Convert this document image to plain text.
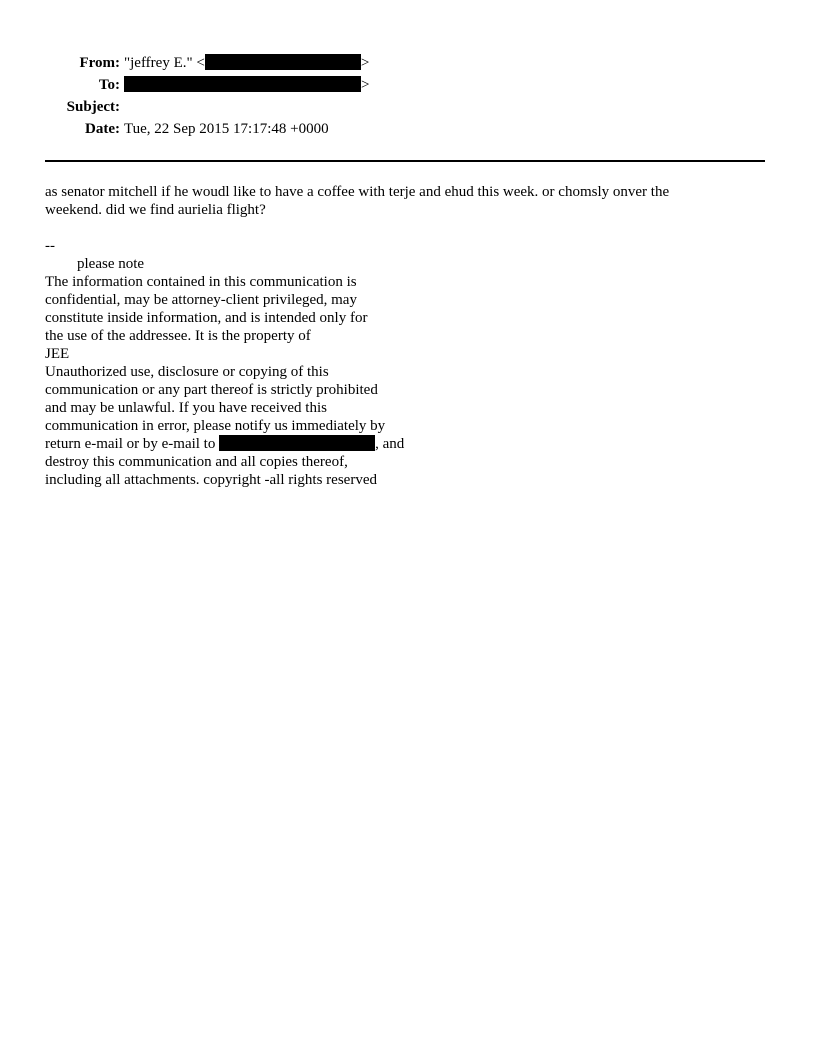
From: "jeffrey E." <	>
To:	>
Subject:
Date: Tue, 22 Sep 2015 17:17:48 +0000
as senator mitchell if he woudl like to have a coffee with terje and ehud this week. or chomsly onver the
weekend. did we find aurielia flight?
--
please note
The information contained in this communication is
confidential, may be attorney-client privileged, may
constitute inside information, and is intended only for
the use of the addressee. It is the property of
JEE
Unauthorized use, disclosure or copying of this
communication or any part thereof is strictly prohibited
and may be unlawful. If you have received this
communication in error, please notify us immediately by
return e-mail or by e-mail to	, and
destroy this communication and all copies thereof,
including all attachments. copyright -all rights reserved
